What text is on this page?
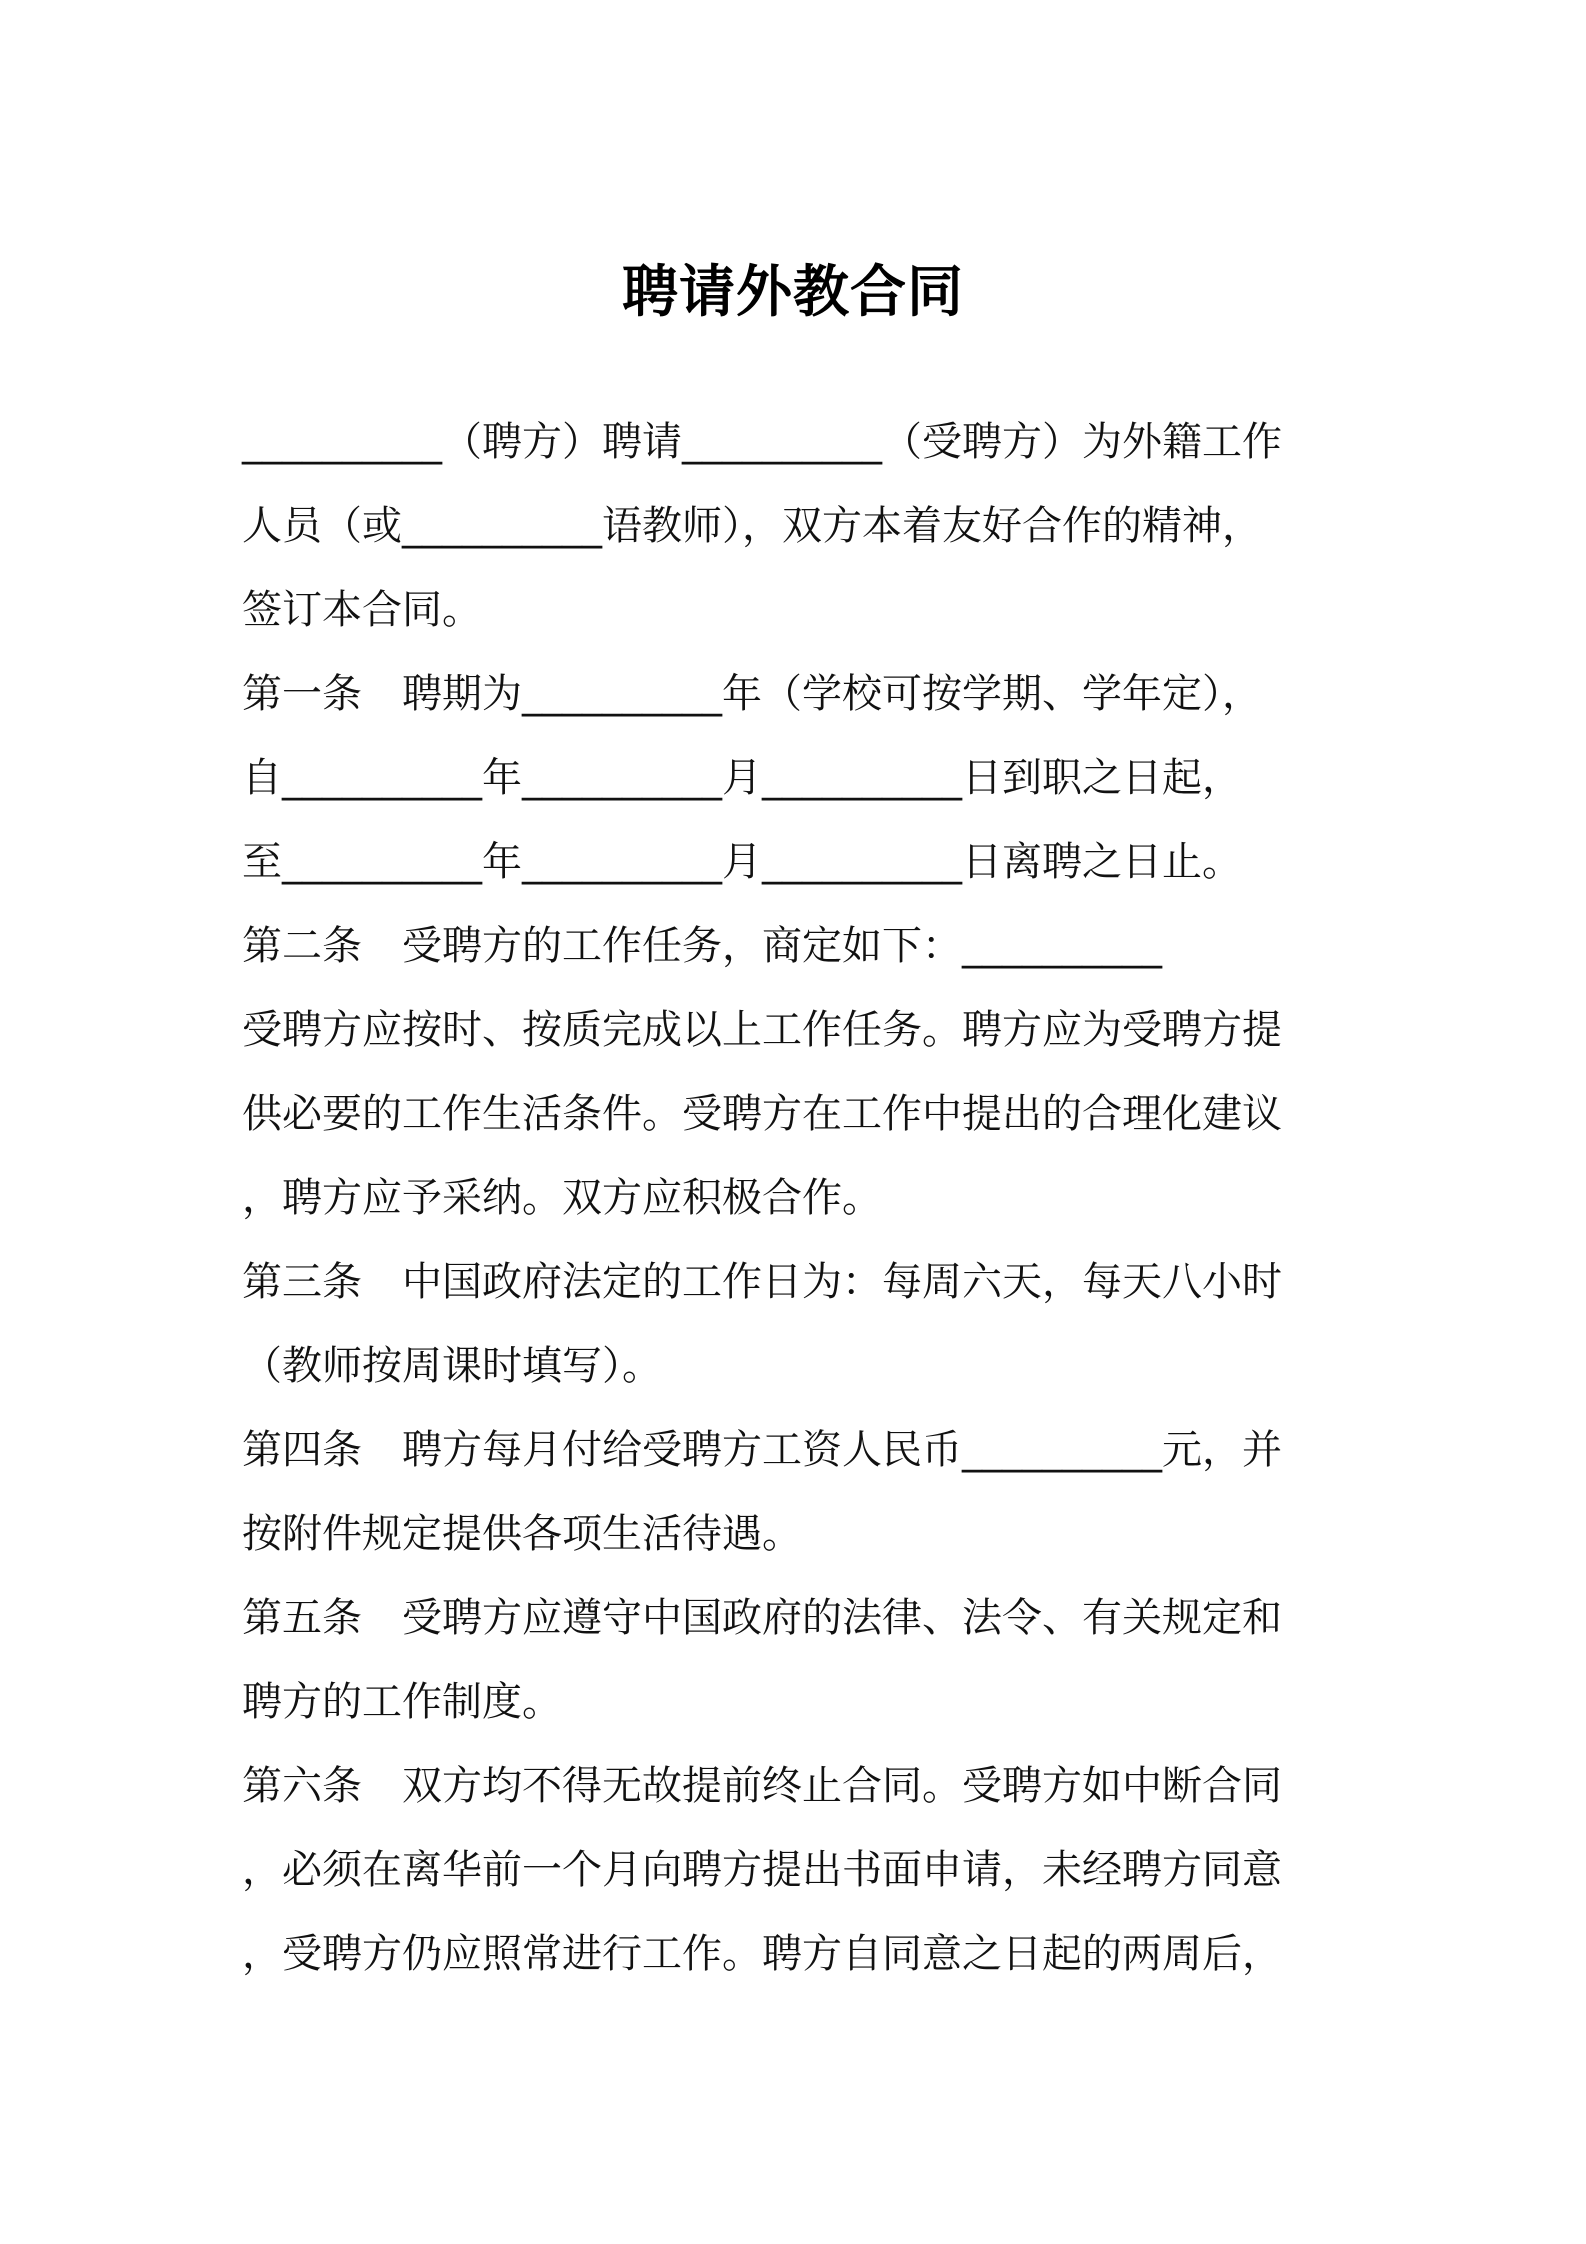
聘请外教合同
__________（聘方）聘请__________（受聘方）为外籍工作
人员（或__________语教师），双方本着友好合作的精神，
签订本合同。
第一条　聘期为__________年（学校可按学期、学年定），
自__________年__________月__________日到职之日起，
至__________年__________月__________日离聘之日止。
第二条　受聘方的工作任务，商定如下：__________
受聘方应按时、按质完成以上工作任务。聘方应为受聘方提
供必要的工作生活条件。受聘方在工作中提出的合理化建议
，聘方应予采纳。双方应积极合作。
第三条　中国政府法定的工作日为：每周六天，每天八小时
（教师按周课时填写）。
第四条　聘方每月付给受聘方工资人民币__________元，并
按附件规定提供各项生活待遇。
第五条　受聘方应遵守中国政府的法律、法令、有关规定和
聘方的工作制度。
第六条　双方均不得无故提前终止合同。受聘方如中断合同
，必须在离华前一个月向聘方提出书面申请，未经聘方同意
，受聘方仍应照常进行工作。聘方自同意之日起的两周后，
